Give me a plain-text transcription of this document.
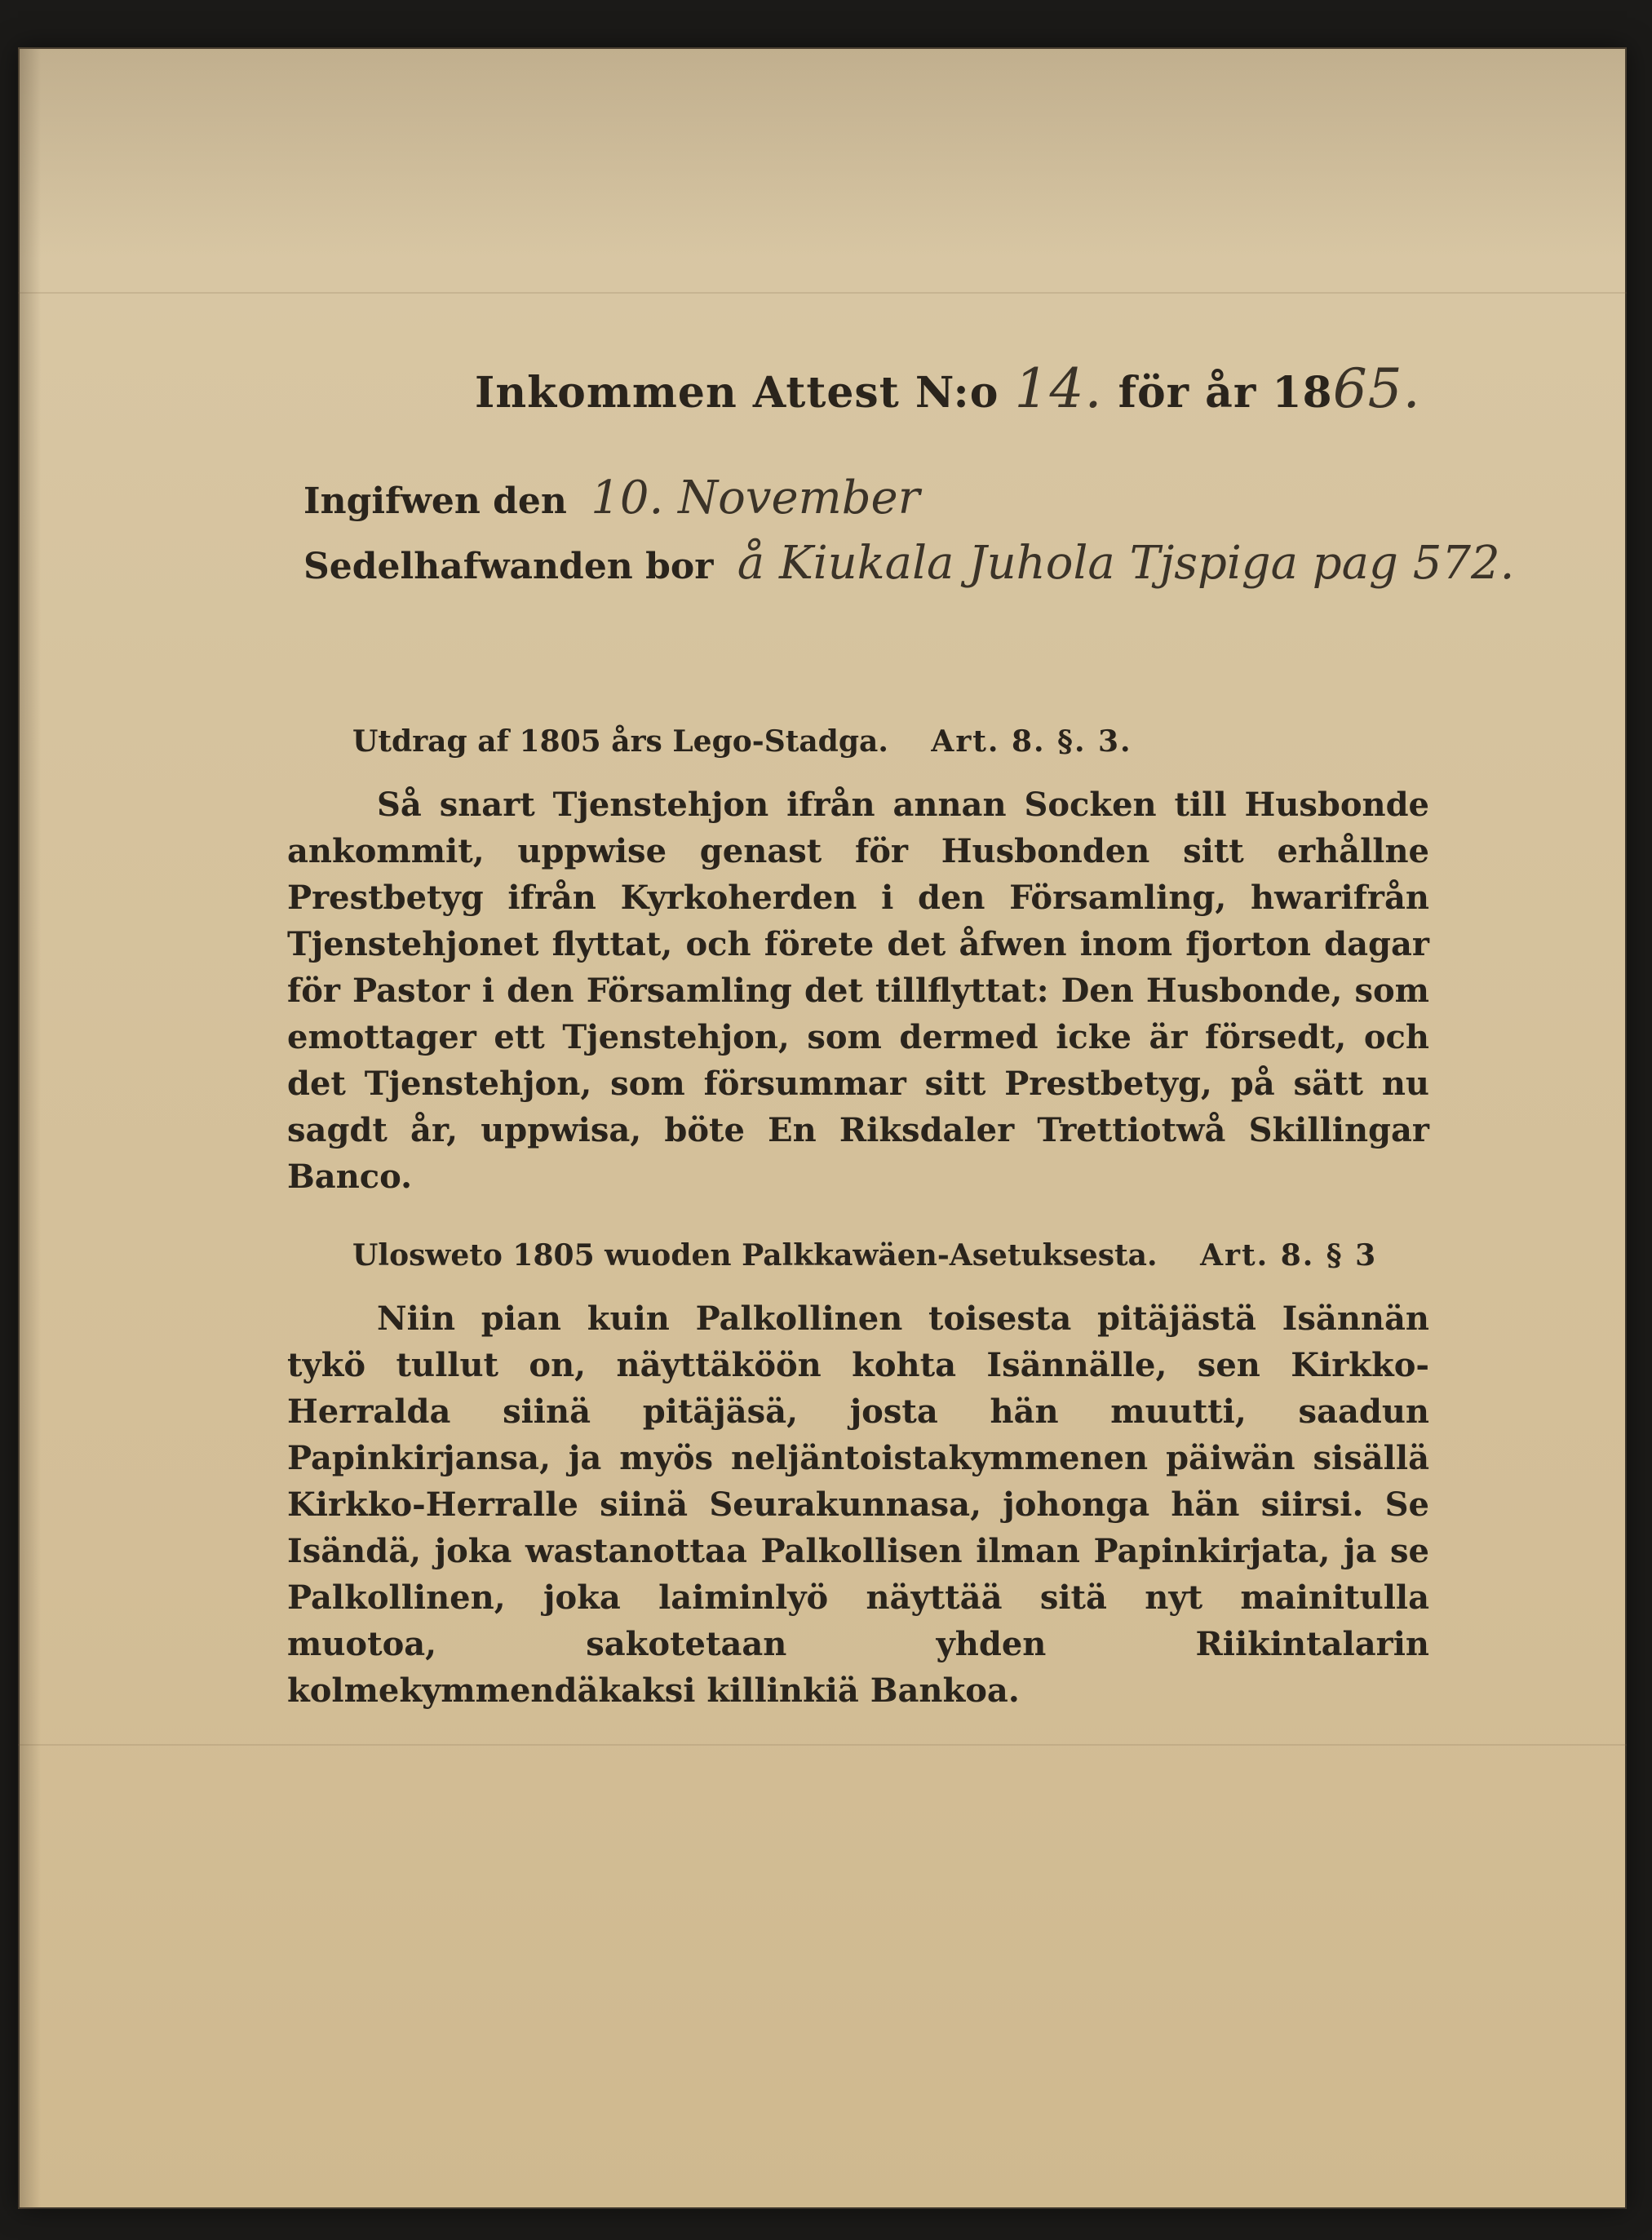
Inkommen Attest N:o 14. för år 1865.
Ingifwen den 10. November
Sedelhafwanden bor å Kiukala Juhola Tjspiga pag 572.
Utdrag af 1805 års Lego-Stadga. Art. 8. §. 3.
Så snart Tjenstehjon ifrån annan Socken till Husbonde ankommit, uppwise genast för Husbonden sitt erhållne Prestbetyg ifrån Kyrkoherden i den Församling, hwarifrån Tjenstehjonet flyttat, och förete det åfwen inom fjorton dagar för Pastor i den Församling det tillflyttat: Den Husbonde, som emottager ett Tjenstehjon, som dermed icke är försedt, och det Tjenstehjon, som försummar sitt Prestbetyg, på sätt nu sagdt år, uppwisa, böte En Riksdaler Trettiotwå Skillingar Banco.
Ulosweto 1805 wuoden Palkkawäen-Asetuksesta. Art. 8. § 3
Niin pian kuin Palkollinen toisesta pitäjästä Isännän tykö tullut on, näyttäköön kohta Isännälle, sen Kirkko-Herralda siinä pitäjäsä, josta hän muutti, saadun Papinkirjansa, ja myös neljäntoistakymmenen päiwän sisällä Kirkko-Herralle siinä Seurakunnasa, johonga hän siirsi. Se Isändä, joka wastanottaa Palkollisen ilman Papinkirjata, ja se Palkollinen, joka laiminlyö näyttää sitä nyt mainitulla muotoa, sakotetaan yhden Riikintalarin kolmekymmendäkaksi killinkiä Bankoa.
